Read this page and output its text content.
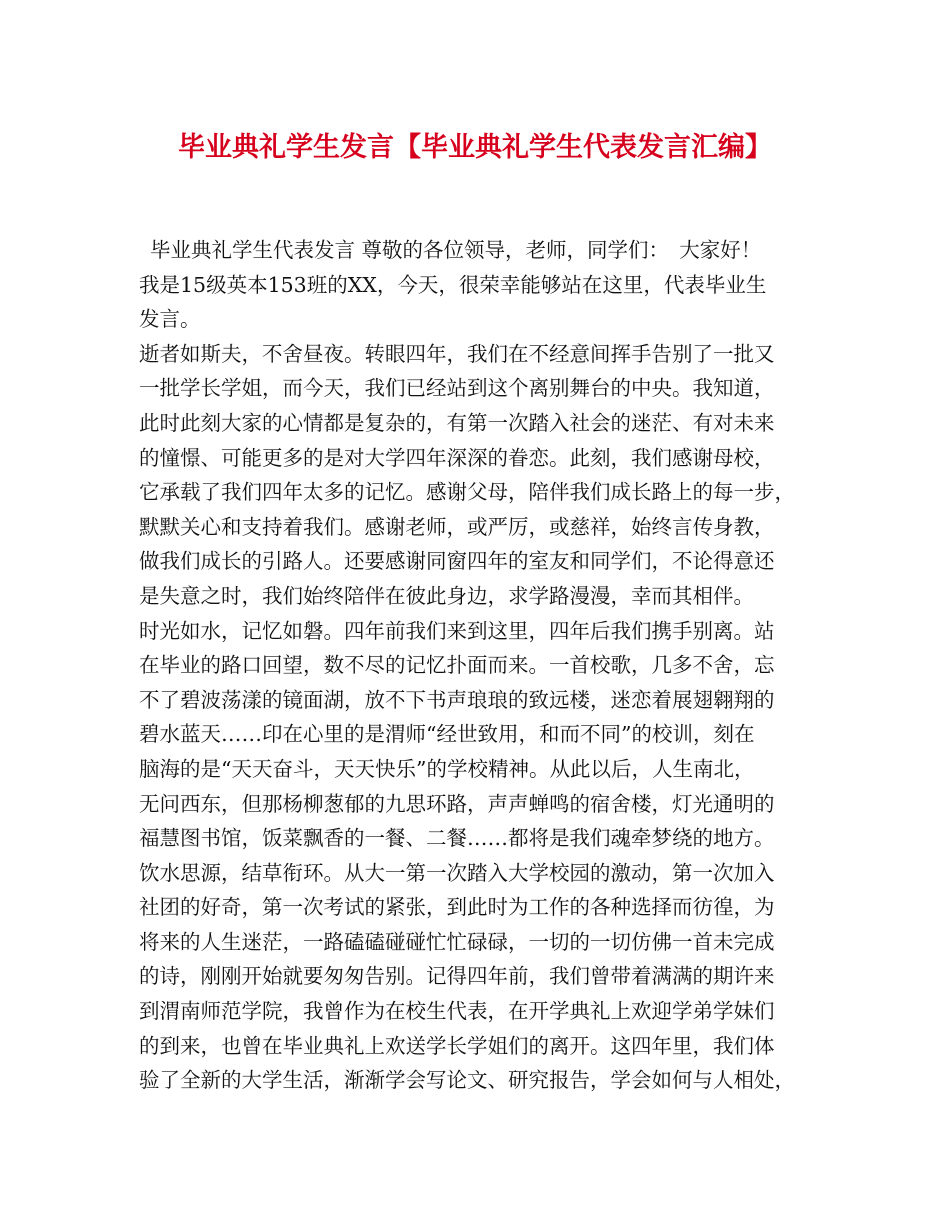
毕业典礼学生发言【毕业典礼学生代表发言汇编】
毕业典礼学生代表发言 尊敬的各位领导，老师，同学们：　大家好！
我是15级英本153班的XX，今天，很荣幸能够站在这里，代表毕业生
发言。
逝者如斯夫，不舍昼夜。转眼四年，我们在不经意间挥手告别了一批又
一批学长学姐，而今天，我们已经站到这个离别舞台的中央。我知道，
此时此刻大家的心情都是复杂的，有第一次踏入社会的迷茫、有对未来
的憧憬、可能更多的是对大学四年深深的眷恋。此刻，我们感谢母校，
它承载了我们四年太多的记忆。感谢父母，陪伴我们成长路上的每一步，
默默关心和支持着我们。感谢老师，或严厉，或慈祥，始终言传身教，
做我们成长的引路人。还要感谢同窗四年的室友和同学们，不论得意还
是失意之时，我们始终陪伴在彼此身边，求学路漫漫，幸而其相伴。
时光如水，记忆如磐。四年前我们来到这里，四年后我们携手别离。站
在毕业的路口回望，数不尽的记忆扑面而来。一首校歌，几多不舍，忘
不了碧波荡漾的镜面湖，放不下书声琅琅的致远楼，迷恋着展翅翱翔的
碧水蓝天……印在心里的是渭师“经世致用，和而不同”的校训，刻在
脑海的是“天天奋斗，天天快乐”的学校精神。从此以后，人生南北，
无问西东，但那杨柳葱郁的九思环路，声声蝉鸣的宿舍楼，灯光通明的
福慧图书馆，饭菜飘香的一餐、二餐……都将是我们魂牵梦绕的地方。
饮水思源，结草衔环。从大一第一次踏入大学校园的激动，第一次加入
社团的好奇，第一次考试的紧张，到此时为工作的各种选择而彷徨，为
将来的人生迷茫，一路磕磕碰碰忙忙碌碌，一切的一切仿佛一首未完成
的诗，刚刚开始就要匆匆告别。记得四年前，我们曾带着满满的期许来
到渭南师范学院，我曾作为在校生代表，在开学典礼上欢迎学弟学妹们
的到来，也曾在毕业典礼上欢送学长学姐们的离开。这四年里，我们体
验了全新的大学生活，渐渐学会写论文、研究报告，学会如何与人相处，
